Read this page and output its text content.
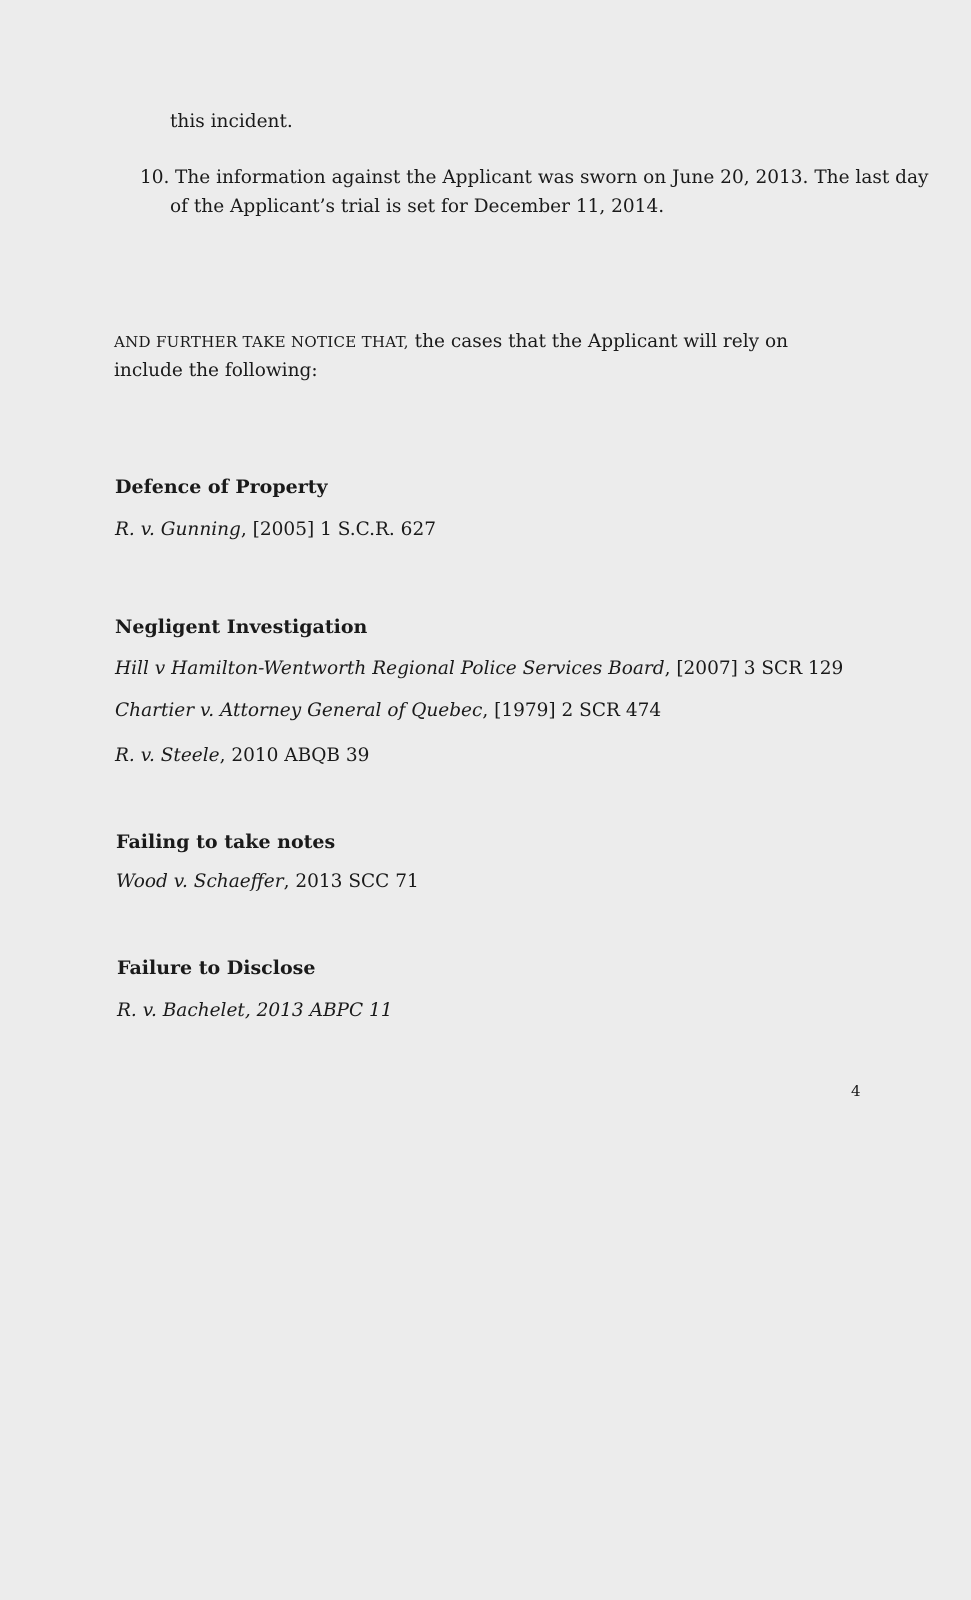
this incident.
10. The information against the Applicant was sworn on June 20, 2013. The last day
of the Applicant’s trial is set for December 11, 2014.
AND FURTHER TAKE NOTICE THAT, the cases that the Applicant will rely on
include the following:
Defence of Property
R. v. Gunning, [2005] 1 S.C.R. 627
Negligent Investigation
Hill v Hamilton-Wentworth Regional Police Services Board, [2007] 3 SCR 129
Chartier v. Attorney General of Quebec, [1979] 2 SCR 474
R. v. Steele, 2010 ABQB 39
Failing to take notes
Wood v. Schaeffer, 2013 SCC 71
Failure to Disclose
R. v. Bachelet, 2013 ABPC 11
4
